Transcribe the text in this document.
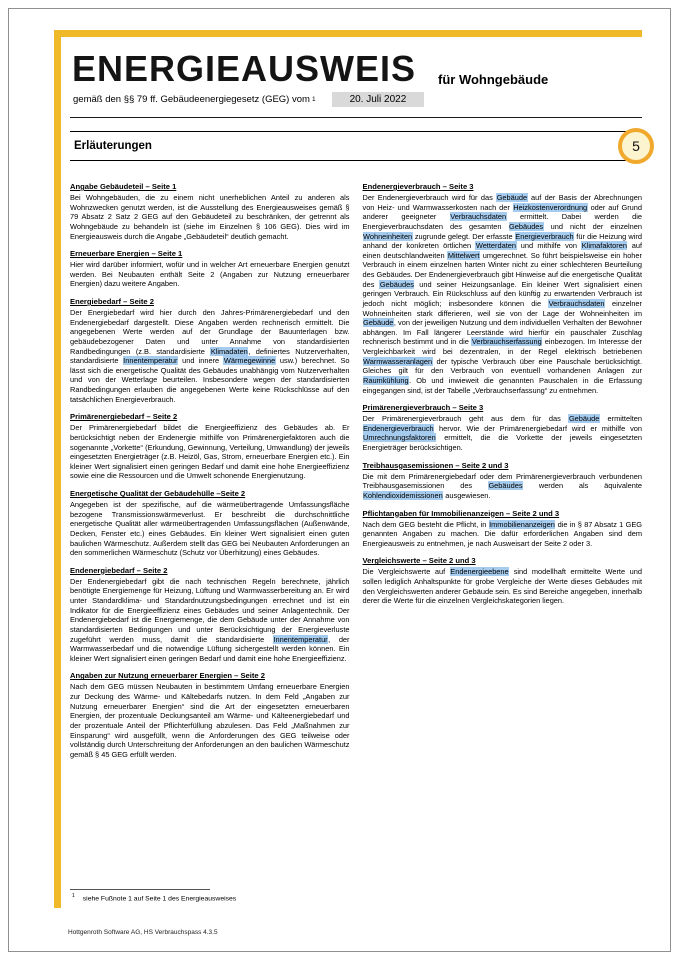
ENERGIEAUSWEIS für Wohngebäude
gemäß den §§ 79 ff. Gebäudeenergiegesetz (GEG) vom 1	20. Juli 2022
Erläuterungen	5
Angabe Gebäudeteil – Seite 1

Bei Wohngebäuden, die zu einem nicht unerheblichen Anteil zu anderen als Wohnzwecken genutzt werden, ist die Ausstellung des Energieausweises gemäß § 79 Absatz 2 Satz 2 GEG auf den Gebäudeteil zu beschränken, der getrennt als Wohngebäude zu behandeln ist (siehe im Einzelnen § 106 GEG). Dies wird im Energieausweis durch die Angabe „Gebäudeteil“ deutlich gemacht.

Erneuerbare Energien – Seite 1

Hier wird darüber informiert, wofür und in welcher Art erneuerbare Energien genutzt werden. Bei Neubauten enthält Seite 2 (Angaben zur Nutzung erneuerbarer Energien) dazu weitere Angaben.

Energiebedarf – Seite 2

Der Energiebedarf wird hier durch den Jahres-Primärenergiebedarf und den Endenergiebedarf dargestellt. Diese Angaben werden rechnerisch ermittelt. Die angegebenen Werte werden auf der Grundlage der Bauunterlagen bzw. gebäudebezogener Daten und unter Annahme von standardisierten Randbedingungen (z.B. standardisierte Klimadaten, definiertes Nutzerverhalten, standardisierte Innentemperatur und innere Wärmegewinne usw.) berechnet. So lässt sich die energetische Qualität des Gebäudes unabhängig vom Nutzerverhalten und von der Wetterlage beurteilen. Insbesondere wegen der standardisierten Randbedingungen erlauben die angegebenen Werte keine Rückschlüsse auf den tatsächlichen Energieverbrauch.

Primärenergiebedarf – Seite 2

Der Primärenergiebedarf bildet die Energieeffizienz des Gebäudes ab. Er berücksichtigt neben der Endenergie mithilfe von Primärenergiefaktoren auch die sogenannte „Vorkette“ (Erkundung, Gewinnung, Verteilung, Umwandlung) der jeweils eingesetzten Energieträger (z.B. Heizöl, Gas, Strom, erneuerbare Energien etc.). Ein kleiner Wert signalisiert einen geringen Bedarf und damit eine hohe Energieeffizienz sowie eine die Ressourcen und die Umwelt schonende Energienutzung.

Energetische Qualität der Gebäudehülle –Seite 2

Angegeben ist der spezifische, auf die wärmeübertragende Umfassungsfläche bezogene Transmissionswärmeverlust. Er beschreibt die durchschnittliche energetische Qualität aller wärmeübertragenden Umfassungsflächen (Außenwände, Decken, Fenster etc.) eines Gebäudes. Ein kleiner Wert signalisiert einen guten baulichen Wärmeschutz. Außerdem stellt das GEG bei Neubauten Anforderungen an den sommerlichen Wärmeschutz (Schutz vor Überhitzung) eines Gebäudes.

Endenergiebedarf – Seite 2

Der Endenergiebedarf gibt die nach technischen Regeln berechnete, jährlich benötigte Energiemenge für Heizung, Lüftung und Warmwasserbereitung an. Er wird unter Standardklima- und Standardnutzungsbedingungen errechnet und ist ein Indikator für die Energieeffizienz eines Gebäudes und seiner Anlagentechnik. Der Endenergiebedarf ist die Energiemenge, die dem Gebäude unter der Annahme von standardisierten Bedingungen und unter Berücksichtigung der Energieverluste zugeführt werden muss, damit die standardisierte Innentemperatur, der Warmwasserbedarf und die notwendige Lüftung sichergestellt werden können. Ein kleiner Wert signalisiert einen geringen Bedarf und damit eine hohe Energieeffizienz.

Angaben zur Nutzung erneuerbarer Energien – Seite 2

Nach dem GEG müssen Neubauten in bestimmtem Umfang erneuerbare Energien zur Deckung des Wärme- und Kältebedarfs nutzen. In dem Feld „Angaben zur Nutzung erneuerbarer Energien“ sind die Art der eingesetzten erneuerbaren Energien, der prozentuale Deckungsanteil am Wärme- und Kälteenergiebedarf und der prozentuale Anteil der Pflichterfüllung abzulesen. Das Feld „Maßnahmen zur Einsparung“ wird ausgefüllt, wenn die Anforderungen des GEG teilweise oder vollständig durch Unterschreitung der Anforderungen an den baulichen Wärmeschutz gemäß § 45 GEG erfüllt werden.

Endenergieverbrauch – Seite 3

Der Endenergieverbrauch wird für das Gebäude auf der Basis der Abrechnungen von Heiz- und Warmwasserkosten nach der Heizkostenverordnung oder auf Grund anderer geeigneter Verbrauchsdaten ermittelt. Dabei werden die Energieverbrauchsdaten des gesamten Gebäudes und nicht der einzelnen Wohneinheiten zugrunde gelegt. Der erfasste Energieverbrauch für die Heizung wird anhand der konkreten örtlichen Wetterdaten und mithilfe von Klimafaktoren auf einen deutschlandweiten Mittelwert umgerechnet. So führt beispielsweise ein hoher Verbrauch in einem einzelnen harten Winter nicht zu einer schlechteren Beurteilung des Gebäudes. Der Endenergieverbrauch gibt Hinweise auf die energetische Qualität des Gebäudes und seiner Heizungsanlage. Ein kleiner Wert signalisiert einen geringen Verbrauch. Ein Rückschluss auf den künftig zu erwartenden Verbrauch ist jedoch nicht möglich; insbesondere können die Verbrauchsdaten einzelner Wohneinheiten stark differieren, weil sie von der Lage der Wohneinheiten im Gebäude, von der jeweiligen Nutzung und dem individuellen Verhalten der Bewohner abhängen. Im Fall längerer Leerstände wird hierfür ein pauschaler Zuschlag rechnerisch bestimmt und in die Verbrauchserfassung einbezogen. Im Interesse der Vergleichbarkeit wird bei dezentralen, in der Regel elektrisch betriebenen Warmwasseranlagen der typische Verbrauch über eine Pauschale berücksichtigt. Gleiches gilt für den Verbrauch von eventuell vorhandenen Anlagen zur Raumkühlung. Ob und inwieweit die genannten Pauschalen in die Erfassung eingegangen sind, ist der Tabelle „Verbrauchserfassung“ zu entnehmen.

Primärenergieverbrauch – Seite 3

Der Primärenergieverbrauch geht aus dem für das Gebäude ermittelten Endenergieverbrauch hervor. Wie der Primärenergiebedarf wird er mithilfe von Umrechnungsfaktoren ermittelt, die die Vorkette der jeweils eingesetzten Energieträger berücksichtigen.

Treibhausgasemissionen – Seite 2 und 3

Die mit dem Primärenergiebedarf oder dem Primärenergieverbrauch verbundenen Treibhausgasemissionen des Gebäudes werden als äquivalente Kohlendioxidemissionen ausgewiesen.

Pflichtangaben für Immobilienanzeigen – Seite 2 und 3

Nach dem GEG besteht die Pflicht, in Immobilienanzeigen die in § 87 Absatz 1 GEG genannten Angaben zu machen. Die dafür erforderlichen Angaben sind dem Energieausweis zu entnehmen, je nach Ausweisart der Seite 2 oder 3.

Vergleichswerte – Seite 2 und 3

Die Vergleichswerte auf Endenergieebene sind modellhaft ermittelte Werte und sollen lediglich Anhaltspunkte für grobe Vergleiche der Werte dieses Gebäudes mit den Vergleichswerten anderer Gebäude sein. Es sind Bereiche angegeben, innerhalb derer die Werte für die einzelnen Vergleichskategorien liegen.

$^1$ siehe Fußnote 1 auf Seite 1 des Energieausweises
Hottgenroth Software AG, HS Verbrauchspass 4.3.5
